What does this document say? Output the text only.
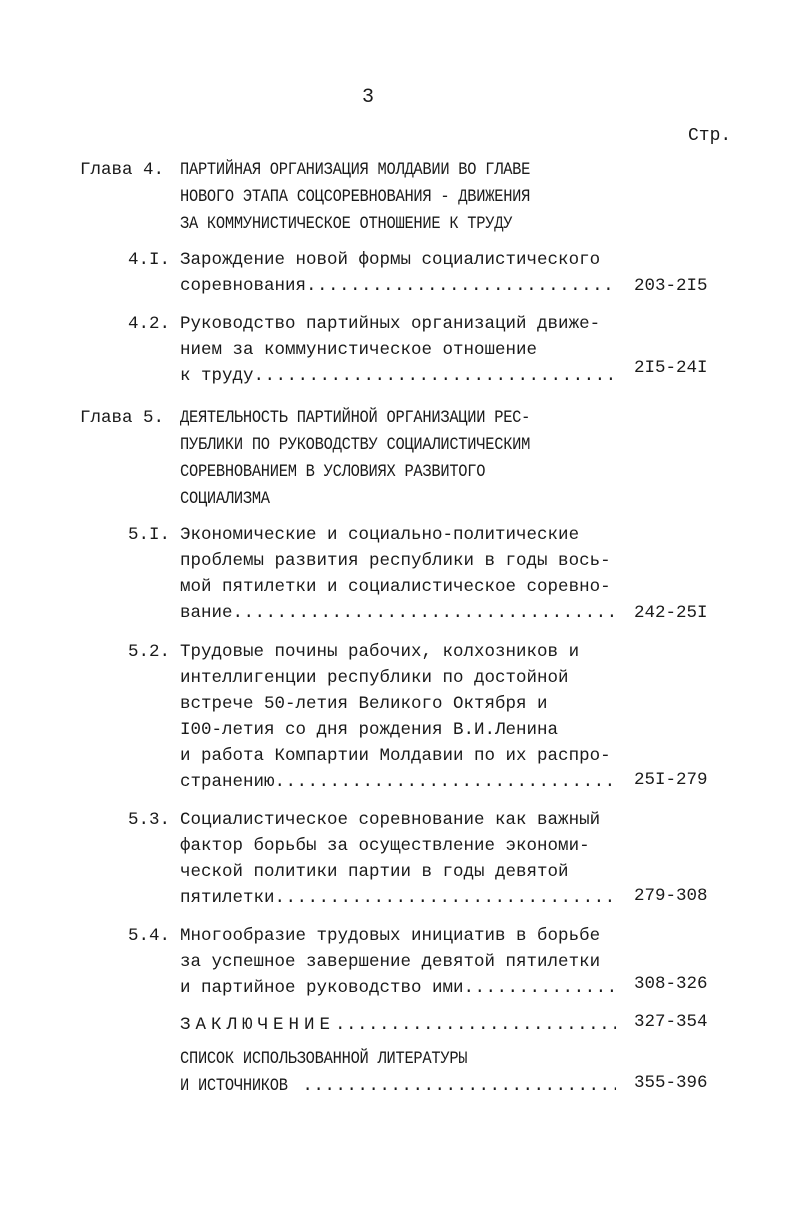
3
Стр.
Глава 4. ПАРТИЙНАЯ ОРГАНИЗАЦИЯ МОЛДАВИИ ВО ГЛАВЕ
НОВОГО ЭТАПА СОЦСОРЕВНОВАНИЯ - ДВИЖЕНИЯ
ЗА КОММУНИСТИЧЕСКОЕ ОТНОШЕНИЕ К ТРУДУ
4.I. Зарождение новой формы социалистического
соревнования .....	203-2I5
4.2. Руководство партийных организаций движе-
нием за коммунистическое отношение
к труду .....	2I5-24I
Глава 5. ДЕЯТЕЛЬНОСТЬ ПАРТИЙНОЙ ОРГАНИЗАЦИИ РЕС-
ПУБЛИКИ ПО РУКОВОДСТВУ СОЦИАЛИСТИЧЕСКИМ
СОРЕВНОВАНИЕМ В УСЛОВИЯХ РАЗВИТОГО
СОЦИАЛИЗМА
5.I. Экономические и социально-политические
проблемы развития республики в годы вось-
мой пятилетки и социалистическое соревно-
вание .....	242-25I
5.2. Трудовые почины рабочих, колхозников и
интеллигенции республики по достойной
встрече 50-летия Великого Октября и
I00-летия со дня рождения В.И.Ленина
и работа Компартии Молдавии по их распро-
странению .....	25I-279
5.3. Социалистическое соревнование как важный
фактор борьбы за осуществление экономи-
ческой политики партии в годы девятой
пятилетки .....	279-308
5.4. Многообразие трудовых инициатив в борьбе
за успешное завершение девятой пятилетки
и партийное руководство ими .....	308-326
ЗАКЛЮЧЕНИЕ .....	327-354
СПИСОК ИСПОЛЬЗОВАННОЙ ЛИТЕРАТУРЫ
И ИСТОЧНИКОВ .....	355-396
